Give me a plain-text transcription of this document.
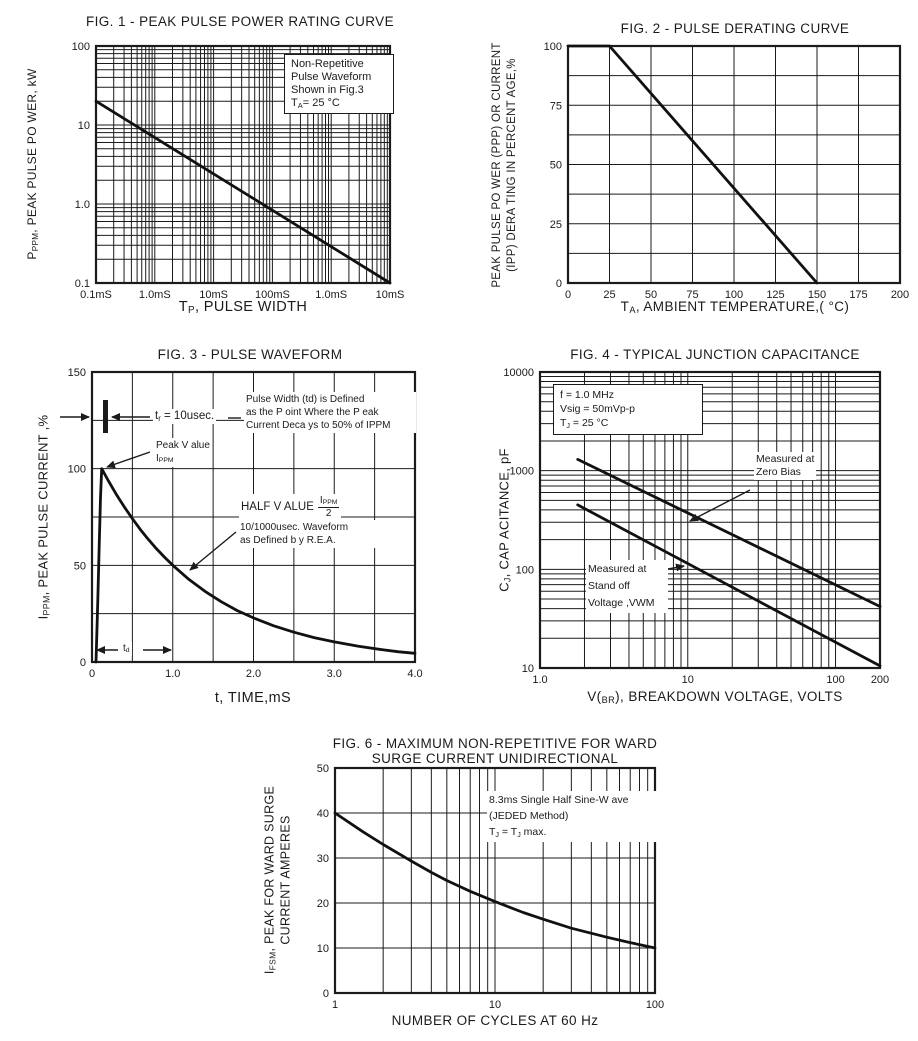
0.1mS 1.0mS	10mS 100mS 1.0mS	10mS
100
10
1.0
0.1
0	25	50	75 100 125 150 175 200
100
75
50
25
0
0	1.0	2.0	3.0	4.0
150
100
50
0
1.0	10	100 200
10000
1000
100
10
1	10	100
50
40
30
20
10
0
FIG. 1 - PEAK PULSE POWER RATING CURVE	FIG. 2 - PULSE DERATING CURVE
FIG. 3 - PULSE WAVEFORM	FIG. 4 - TYPICAL JUNCTION CAPACITANCE
FIG. 6 - MAXIMUM NON-REPETITIVE FOR WARD
SURGE CURRENT UNIDIRECTIONAL
TP, PULSE WIDTH	TA, AMBIENT TEMPERATURE,( °C)
t, TIME,mS	V(BR), BREAKDOWN VOLTAGE, VOLTS
NUMBER OF CYCLES AT 60 Hz
PPPM, PEAK PULSE PO WER, kW	PEAK PULSE PO WER (PPP) OR CURRENT (IPP) DERA TING IN PERCENT AGE,%
IPPM, PEAK PULSE CURRENT ,%	CJ, CAP ACITANCE, pF
IFSM, PEAK FOR WARD SURGE CURRENT AMPERES
Non-Repetitive
Pulse Waveform
Shown in Fig.3
TA= 25 °C
tr = 10usec.
Pulse Width (td) is Defined
as the P oint Where the P eak
Current Deca ys to 50% of IPPM
Peak V alue
IPPM
HALF V ALUE $\frac{\text{IPPM}}{2}$
10/1000usec. Waveform
as Defined b y R.E.A.
td
f = 1.0 MHz
Vsig = 50mVp-p
TJ = 25 °C
Measured at
Zero Bias
Measured at
Stand off
Voltage ,VWM
8.3ms Single Half Sine-W ave
(JEDED Method)
TJ = TJ max.
